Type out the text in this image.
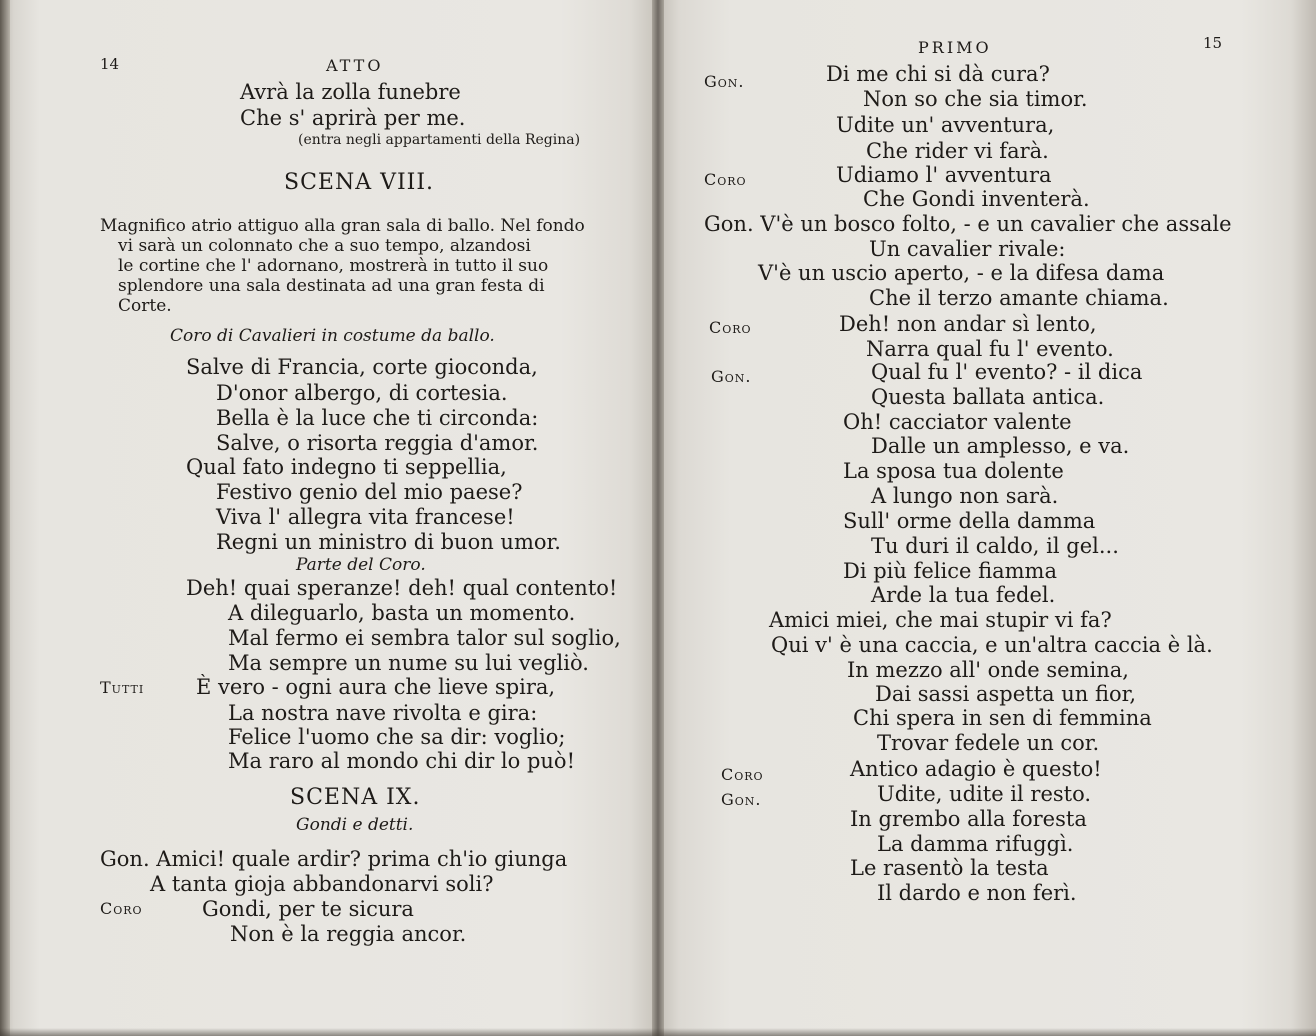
14	ATTO
Avrà la zolla funebre
Che s' aprirà per me.
(entra negli appartamenti della Regina)
SCENA VIII.
Magnifico atrio attiguo alla gran sala di ballo. Nel fondo
vi sarà un colonnato che a suo tempo, alzandosi
le cortine che l' adornano, mostrerà in tutto il suo
splendore una sala destinata ad una gran festa di
Corte.
Coro di Cavalieri in costume da ballo.
Salve di Francia, corte gioconda,
D'onor albergo, di cortesia.
Bella è la luce che ti circonda:
Salve, o risorta reggia d'amor.
Qual fato indegno ti seppellia,
Festivo genio del mio paese?
Viva l' allegra vita francese!
Regni un ministro di buon umor.
Parte del Coro.
Deh! quai speranze! deh! qual contento!
A dileguarlo, basta un momento.
Mal fermo ei sembra talor sul soglio,
Ma sempre un nume su lui vegliò.
Tutti È vero - ogni aura che lieve spira,
La nostra nave rivolta e gira:
Felice l'uomo che sa dir: voglio;
Ma raro al mondo chi dir lo può!
SCENA IX.
Gondi e detti.
Gon. Amici! quale ardir? prima ch'io giunga
A tanta gioja abbandonarvi soli?
Coro	Gondi, per te sicura
Non è la reggia ancor.
PRIMO	15
Gon.	Di me chi si dà cura?
Non so che sia timor.
Udite un' avventura,
Che rider vi farà.
Coro	Udiamo l' avventura
Che Gondi inventerà.
Gon. V'è un bosco folto, - e un cavalier che assale
Un cavalier rivale:
V'è un uscio aperto, - e la difesa dama
Che il terzo amante chiama.
Coro	Deh! non andar sì lento,
Narra qual fu l' evento.
Gon.	Qual fu l' evento? - il dica
Questa ballata antica.
Oh! cacciator valente
Dalle un amplesso, e va.
La sposa tua dolente
A lungo non sarà.
Sull' orme della damma
Tu duri il caldo, il gel...
Di più felice fiamma
Arde la tua fedel.
Amici miei, che mai stupir vi fa?
Qui v' è una caccia, e un'altra caccia è là.
In mezzo all' onde semina,
Dai sassi aspetta un fior,
Chi spera in sen di femmina
Trovar fedele un cor.
Coro	Antico adagio è questo!
Gon.	Udite, udite il resto.
In grembo alla foresta
La damma rifuggì.
Le rasentò la testa
Il dardo e non ferì.
